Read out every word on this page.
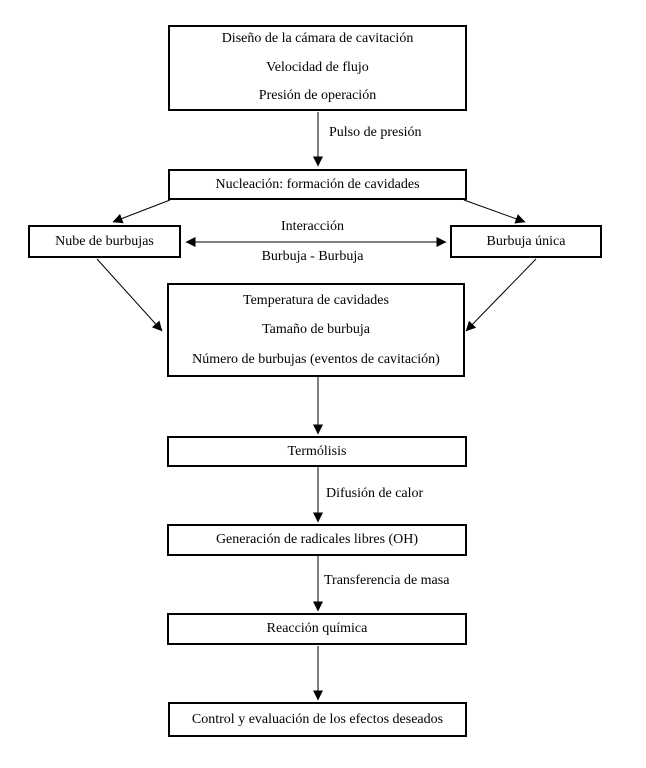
Diseño de la cámara de cavitación
Velocidad de flujo
Presión de operación
Nucleación: formación de cavidades
Nube de burbujas	Burbuja única
Temperatura de cavidades
Tamaño de burbuja
Número de burbujas (eventos de cavitación)
Termólisis
Generación de radicales libres (OH)
Reacción química
Control y evaluación de los efectos deseados
Pulso de presión
Interacción
Burbuja - Burbuja
Difusión de calor
Transferencia de masa
